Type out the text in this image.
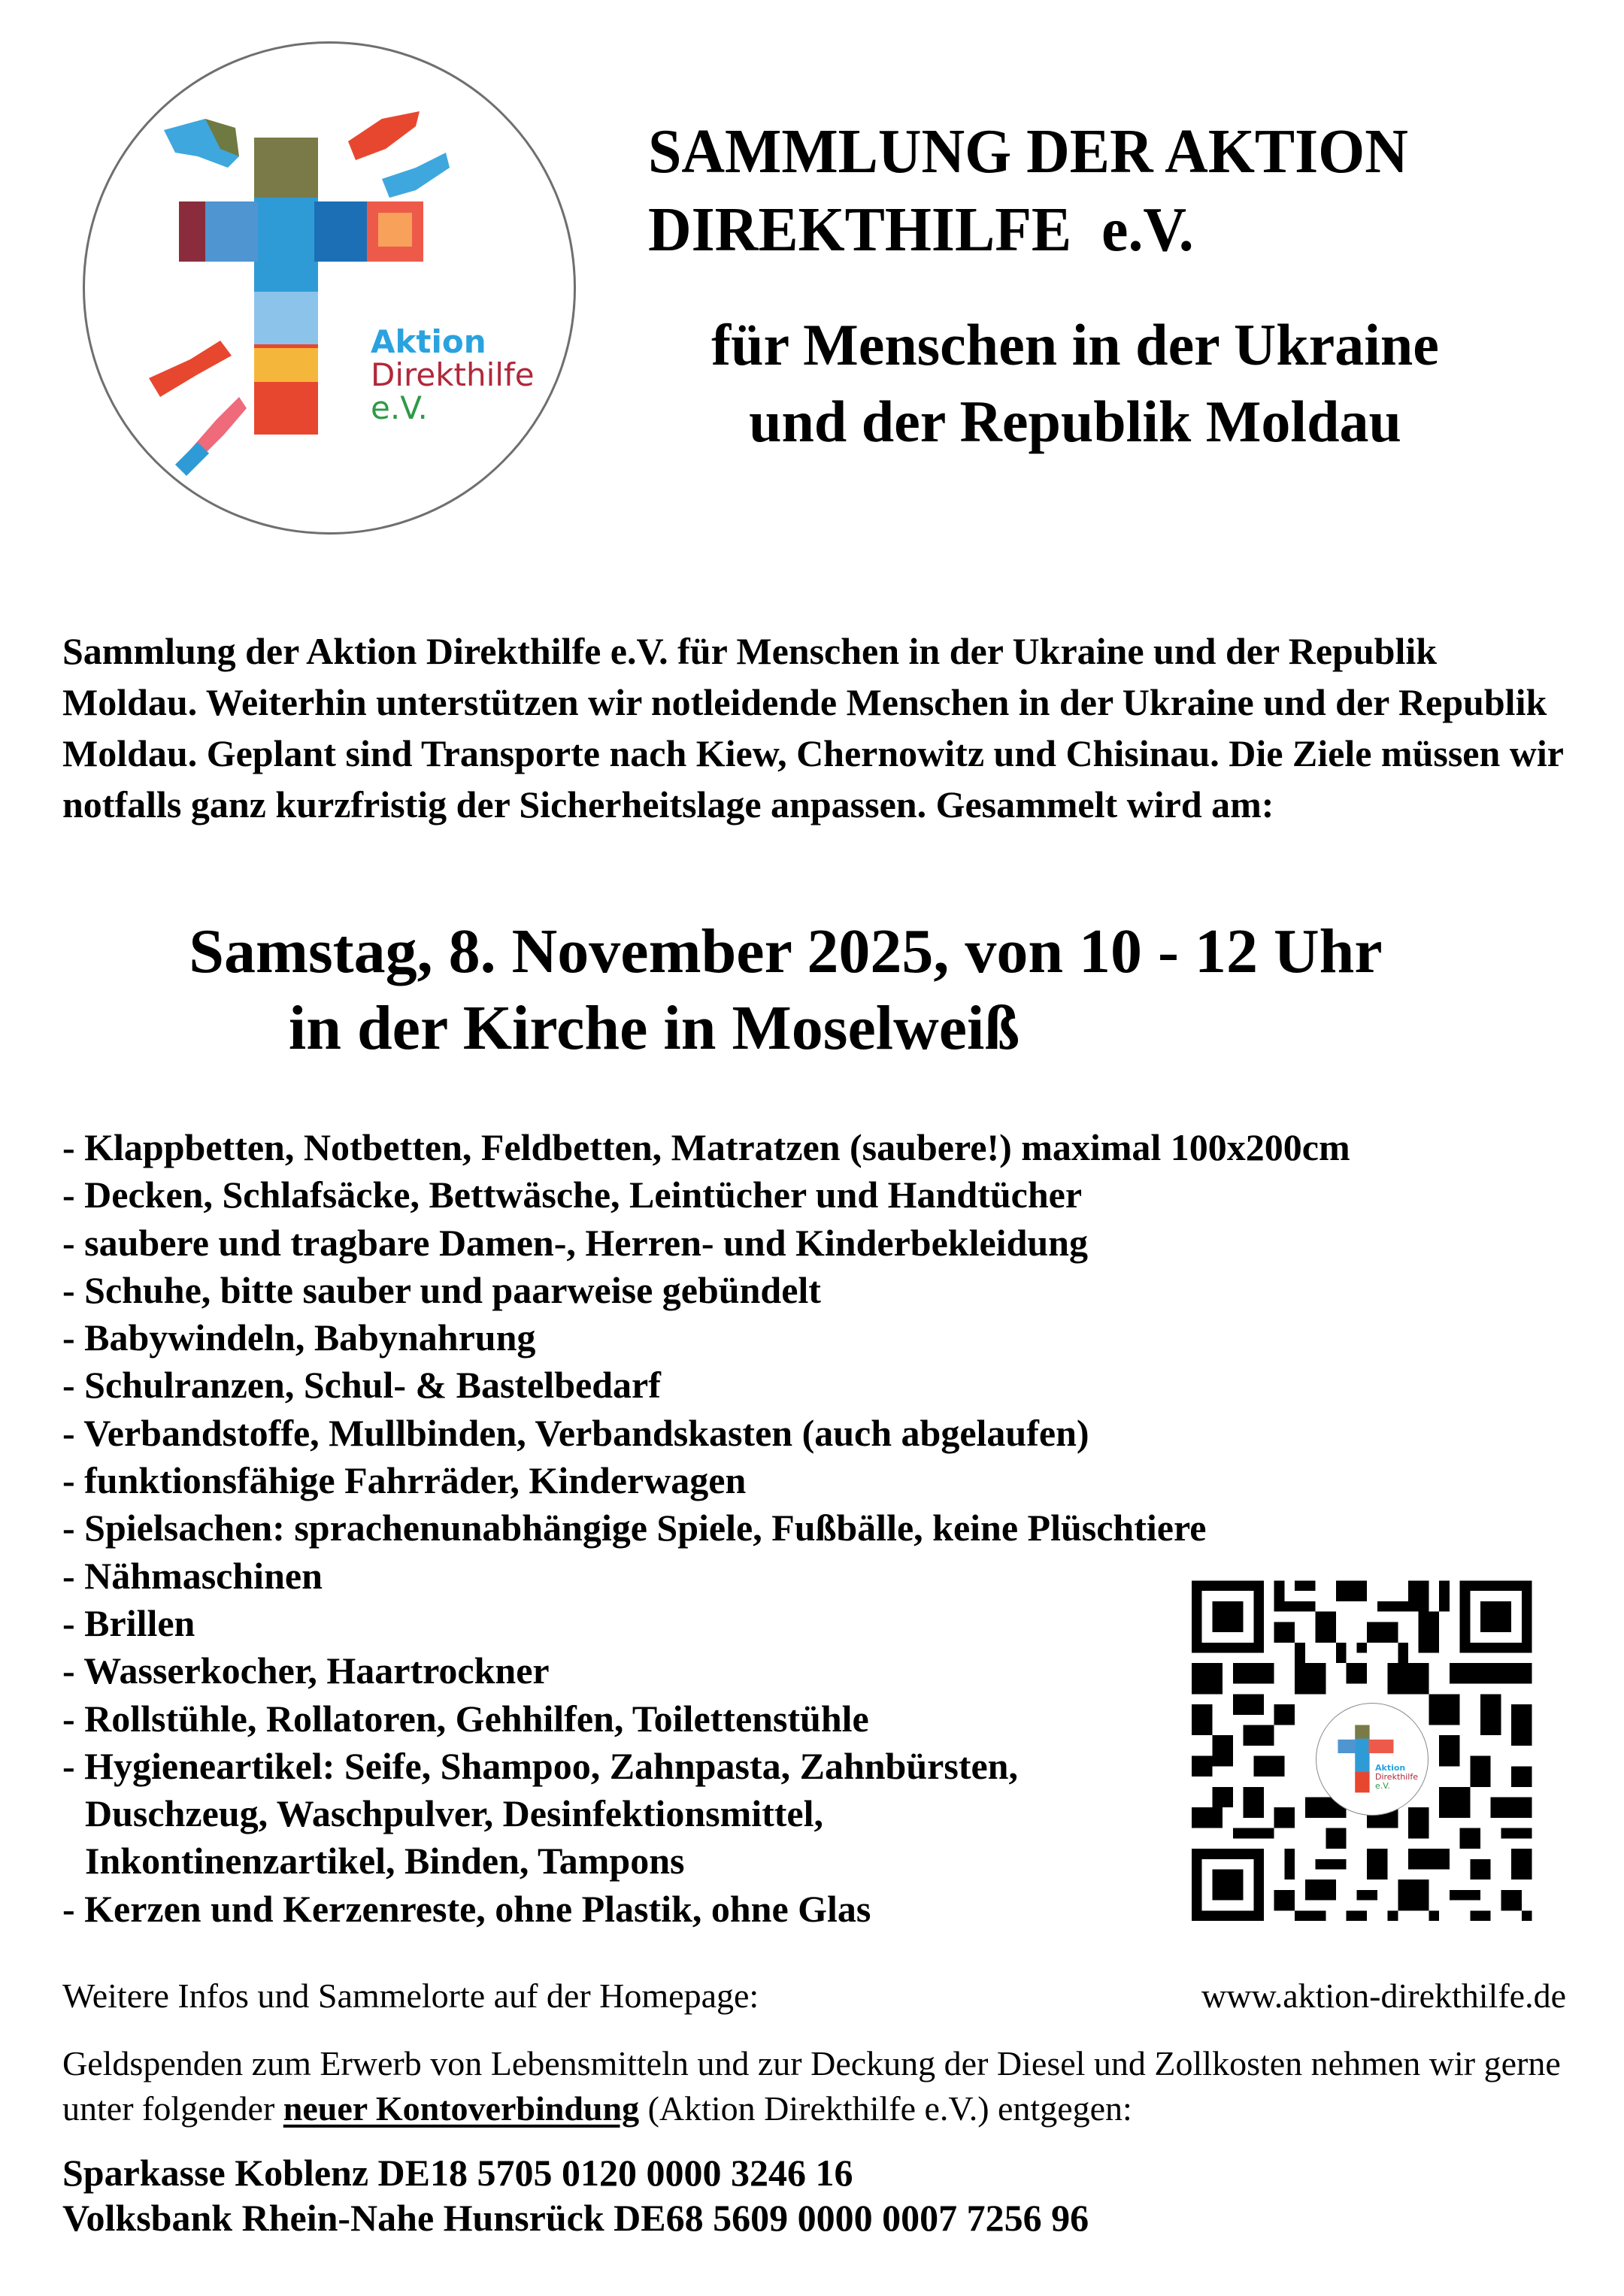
Aktion
Direkthilfe
e.V.
SAMMLUNG DER AKTION
DIREKTHILFE  e.V.
für Menschen in der Ukraine
und der Republik Moldau
Sammlung der Aktion Direkthilfe e.V. für Menschen in der Ukraine und der Republik Moldau. Weiterhin unterstützen wir notleidende Menschen in der Ukraine und der Republik Moldau. Geplant sind Transporte nach Kiew, Chernowitz und Chisinau. Die Ziele müssen wir notfalls ganz kurzfristig der Sicherheitslage anpassen. Gesammelt wird am:
Samstag, 8. November 2025, von 10 - 12 Uhr
in der Kirche in Moselweiß
- Klappbetten, Notbetten, Feldbetten, Matratzen (saubere!) maximal 100x200cm
- Decken, Schlafsäcke, Bettwäsche, Leintücher und Handtücher
- saubere und tragbare Damen-, Herren- und Kinderbekleidung
- Schuhe, bitte sauber und paarweise gebündelt
- Babywindeln, Babynahrung
- Schulranzen, Schul- & Bastelbedarf
- Verbandstoffe, Mullbinden, Verbandskasten (auch abgelaufen)
- funktionsfähige Fahrräder, Kinderwagen
- Spielsachen: sprachenunabhängige Spiele, Fußbälle, keine Plüschtiere
- Nähmaschinen
- Brillen
- Wasserkocher, Haartrockner
- Rollstühle, Rollatoren, Gehhilfen, Toilettenstühle
- Hygieneartikel: Seife, Shampoo, Zahnpasta, Zahnbürsten,
Duschzeug, Waschpulver, Desinfektionsmittel,
Inkontinenzartikel, Binden, Tampons
- Kerzen und Kerzenreste, ohne Plastik, ohne Glas
Aktion
Direkthilfe
e.V.
Weitere Infos und Sammelorte auf der Homepage:	www.aktion-direkthilfe.de
Geldspenden zum Erwerb von Lebensmitteln und zur Deckung der Diesel und Zollkosten nehmen wir gerne unter folgender neuer Kontoverbindung (Aktion Direkthilfe e.V.) entgegen:
Sparkasse Koblenz DE18 5705 0120 0000 3246 16
Volksbank Rhein-Nahe Hunsrück DE68 5609 0000 0007 7256 96
